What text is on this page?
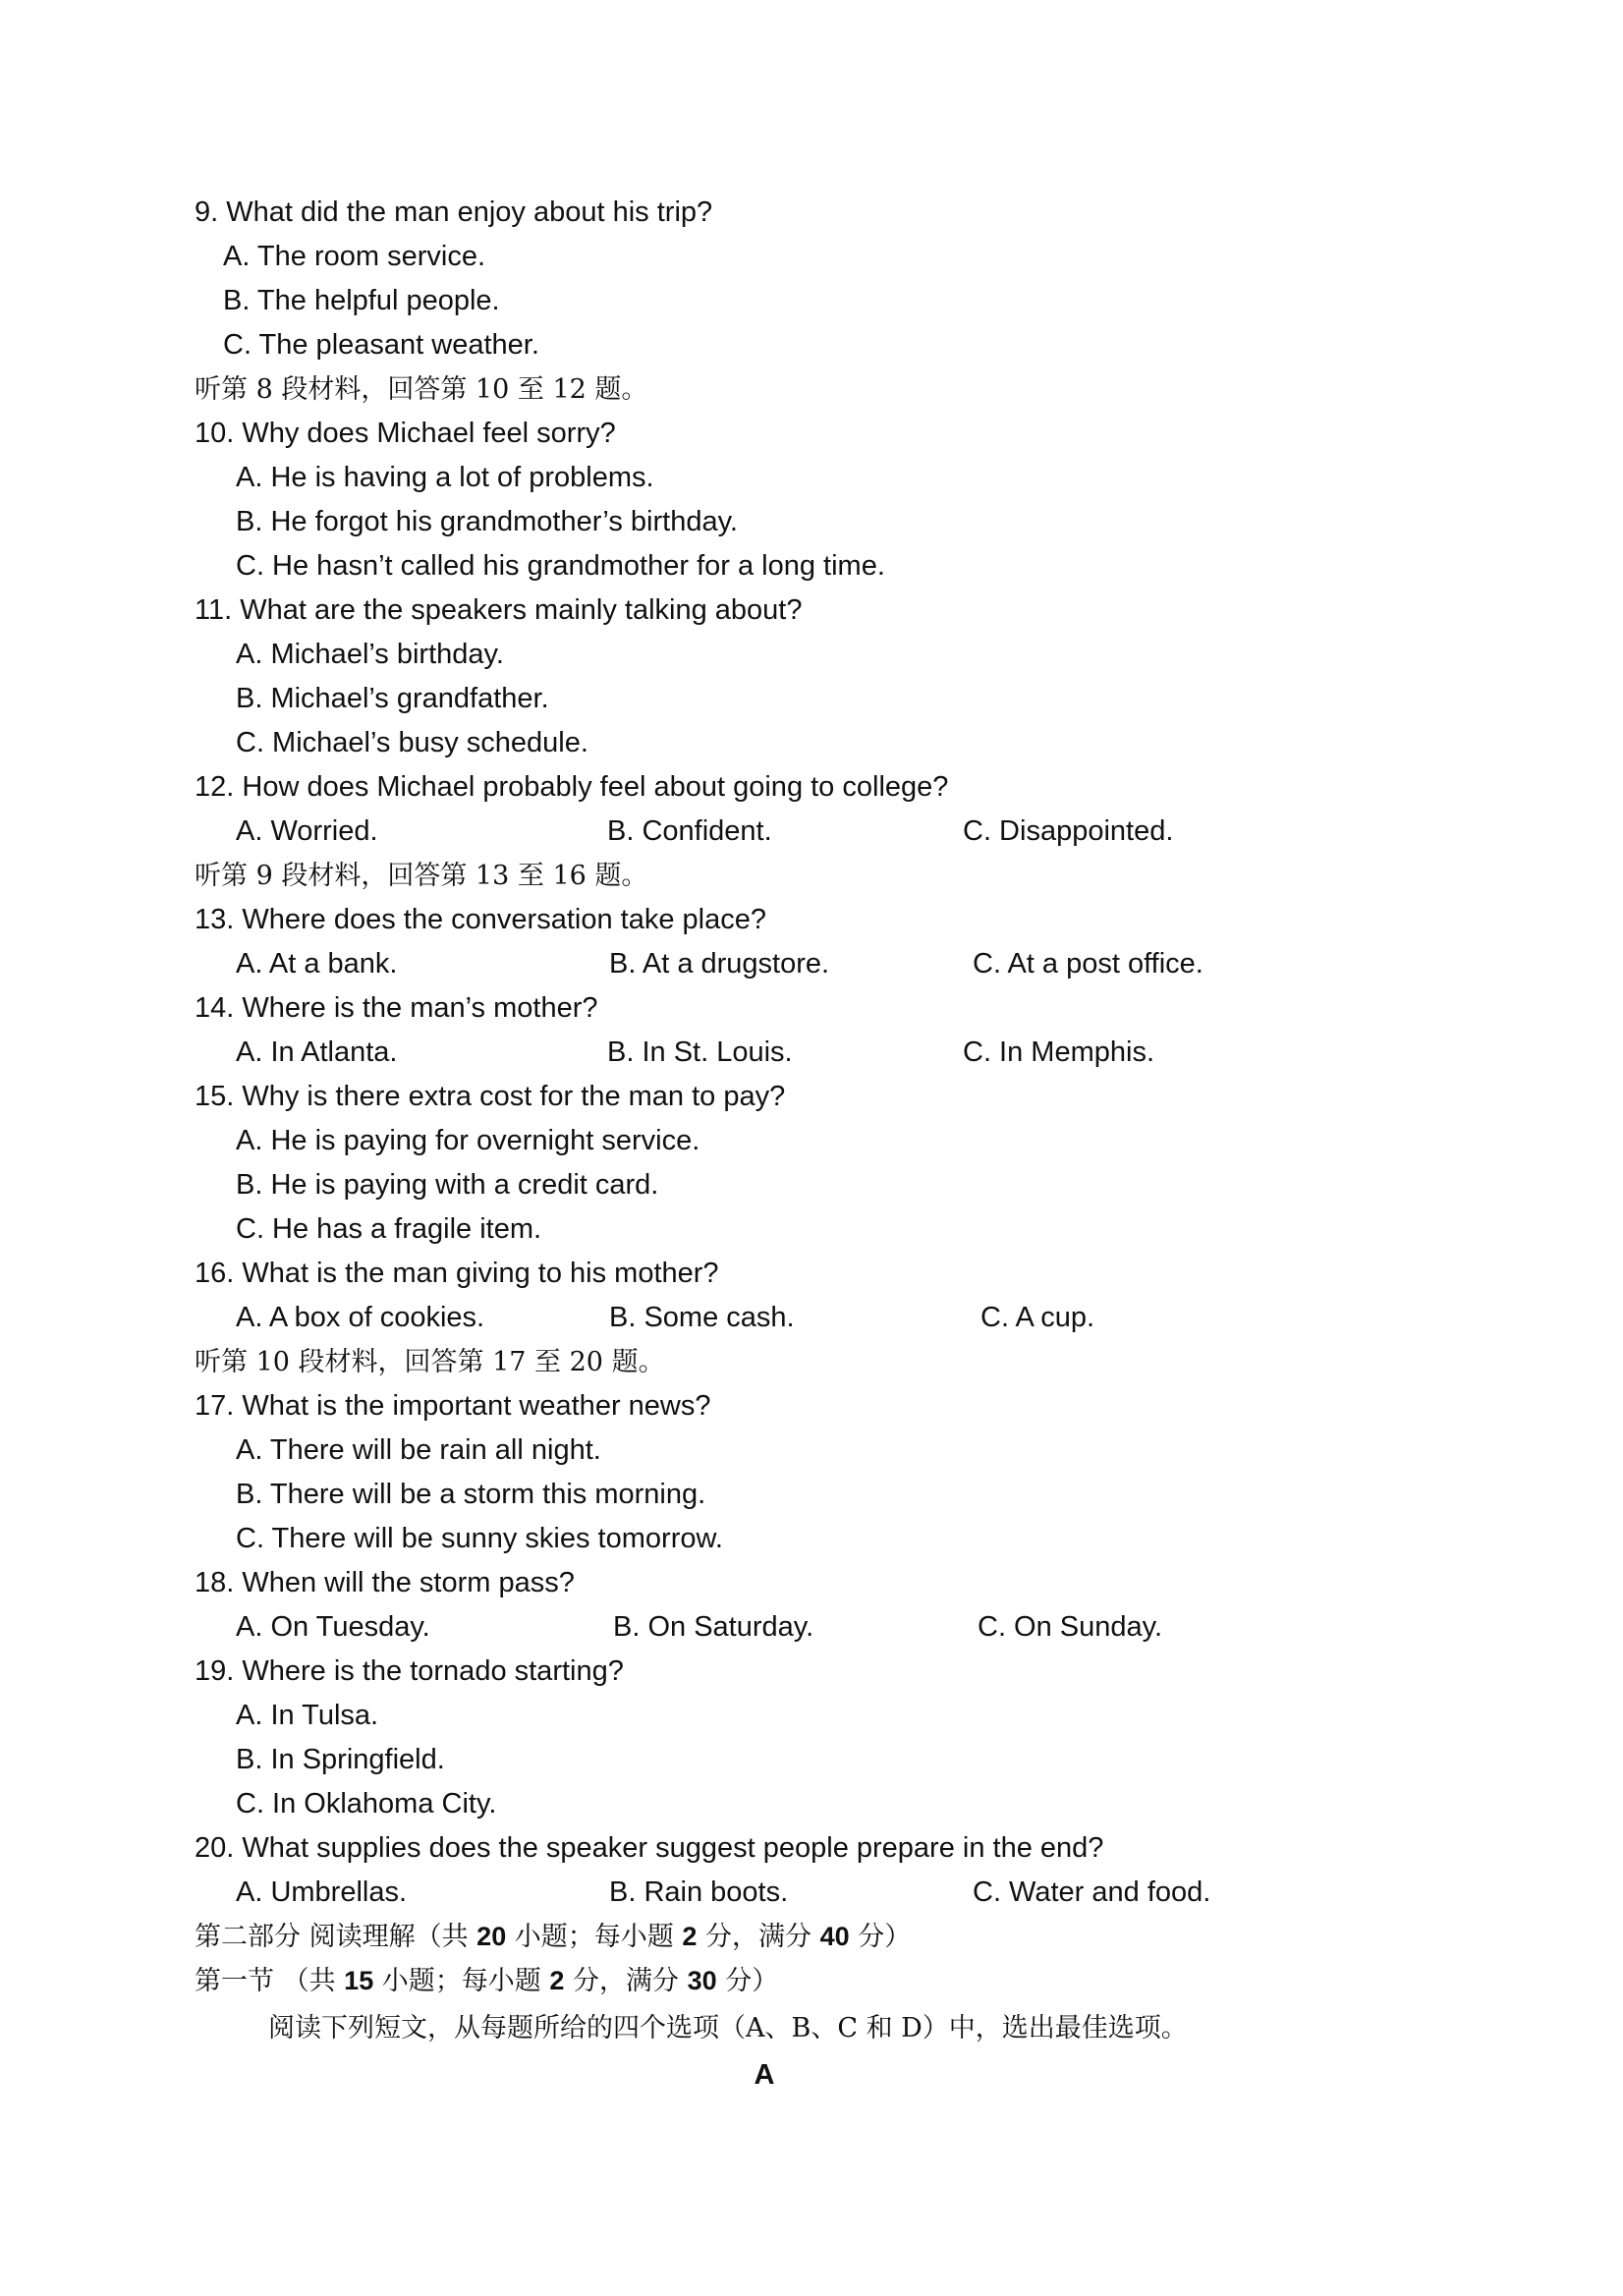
9. What did the man enjoy about his trip?
A. The room service.
B. The helpful people.
C. The pleasant weather.
听第 8 段材料，回答第 10 至 12 题。
10. Why does Michael feel sorry?
A. He is having a lot of problems.
B. He forgot his grandmother’s birthday.
C. He hasn’t called his grandmother for a long time.
11. What are the speakers mainly talking about?
A. Michael’s birthday.
B. Michael’s grandfather.
C. Michael’s busy schedule.
12. How does Michael probably feel about going to college?
A. Worried.	B. Confident.	C. Disappointed.
听第 9 段材料，回答第 13 至 16 题。
13. Where does the conversation take place?
A. At a bank.	B. At a drugstore.	C. At a post office.
14. Where is the man’s mother?
A. In Atlanta.	B. In St. Louis.	C. In Memphis.
15. Why is there extra cost for the man to pay?
A. He is paying for overnight service.
B. He is paying with a credit card.
C. He has a fragile item.
16. What is the man giving to his mother?
A. A box of cookies.	B. Some cash.	C. A cup.
听第 10 段材料，回答第 17 至 20 题。
17. What is the important weather news?
A. There will be rain all night.
B. There will be a storm this morning.
C. There will be sunny skies tomorrow.
18. When will the storm pass?
A. On Tuesday.	B. On Saturday.	C. On Sunday.
19. Where is the tornado starting?
A. In Tulsa.
B. In Springfield.
C. In Oklahoma City.
20. What supplies does the speaker suggest people prepare in the end?
A. Umbrellas.	B. Rain boots.	C. Water and food.
第二部分 阅读理解（共 20 小题；每小题 2 分，满分 40 分）
第一节 （共 15 小题；每小题 2 分，满分 30 分）
阅读下列短文，从每题所给的四个选项（A、B、C 和 D）中，选出最佳选项。
A
